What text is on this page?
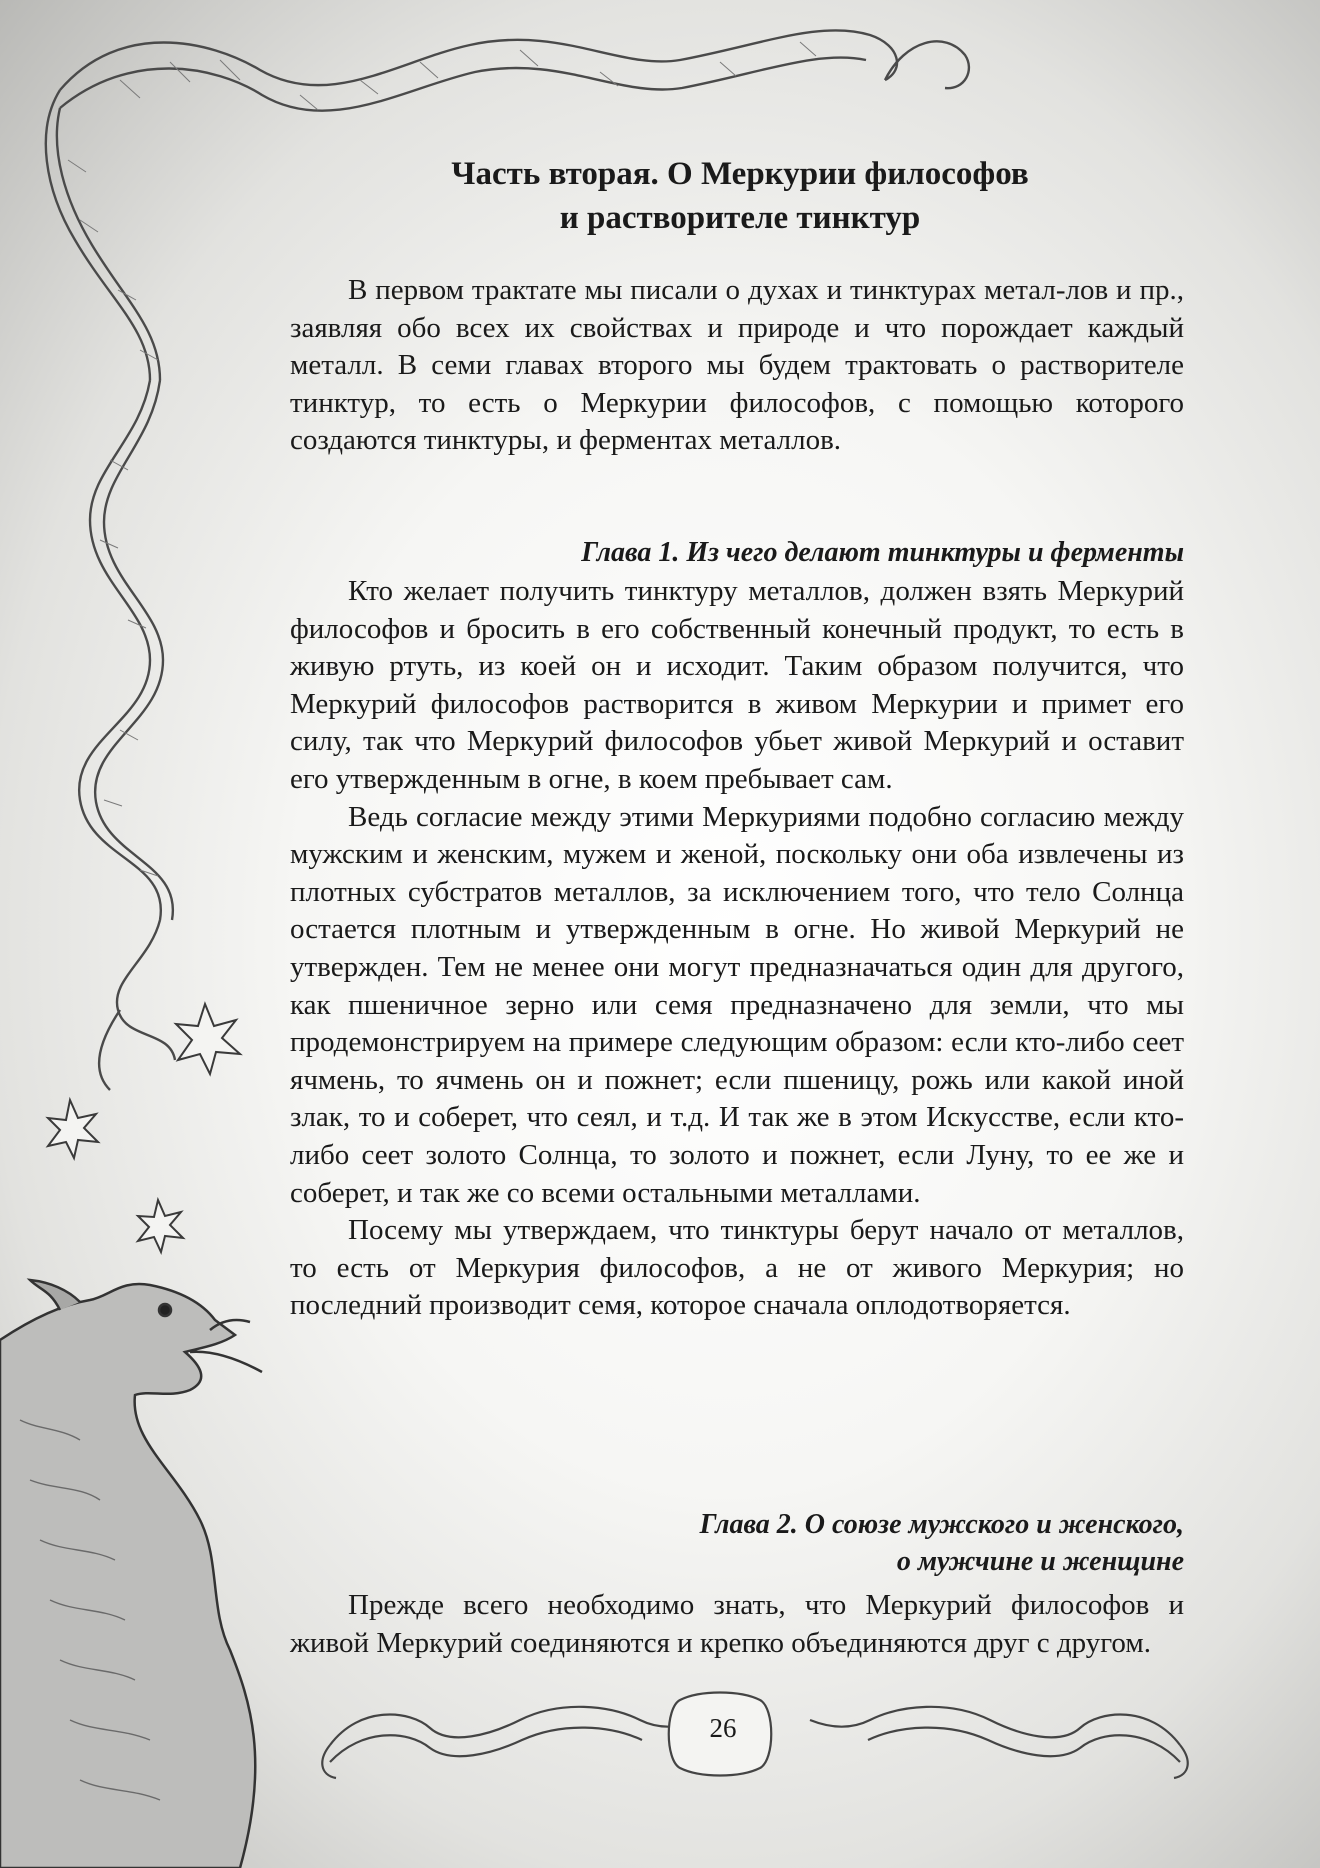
Часть вторая. О Меркурии философов
и растворителе тинктур

В первом трактате мы писали о духах и тинктурах метал-лов и пр., заявляя обо всех их свойствах и природе и что порождает каждый металл. В семи главах второго мы будем трактовать о растворителе тинктур, то есть о Меркурии философов, с помощью которого создаются тинктуры, и ферментах металлов.

Глава 1. Из чего делают тинктуры и ферменты

Кто желает получить тинктуру металлов, должен взять Меркурий философов и бросить в его собственный конечный продукт, то есть в живую ртуть, из коей он и исходит. Таким образом получится, что Меркурий философов растворится в живом Меркурии и примет его силу, так что Меркурий философов убьет живой Меркурий и оставит его утвержденным в огне, в коем пребывает сам.

Ведь согласие между этими Меркуриями подобно согласию между мужским и женским, мужем и женой, поскольку они оба извлечены из плотных субстратов металлов, за исключением того, что тело Солнца остается плотным и утвержденным в огне. Но живой Меркурий не утвержден. Тем не менее они могут предназначаться один для другого, как пшеничное зерно или семя предназначено для земли, что мы продемонстрируем на примере следующим образом: если кто-либо сеет ячмень, то ячмень он и пожнет; если пшеницу, рожь или какой иной злак, то и соберет, что сеял, и т.д. И так же в этом Искусстве, если кто-либо сеет золото Солнца, то золото и пожнет, если Луну, то ее же и соберет, и так же со всеми остальными металлами.

Посему мы утверждаем, что тинктуры берут начало от металлов, то есть от Меркурия философов, а не от живого Меркурия; но последний производит семя, которое сначала оплодотворяется.

Глава 2. О союзе мужского и женского,
о мужчине и женщине

Прежде всего необходимо знать, что Меркурий философов и живой Меркурий соединяются и крепко объединяются друг с другом.

26
